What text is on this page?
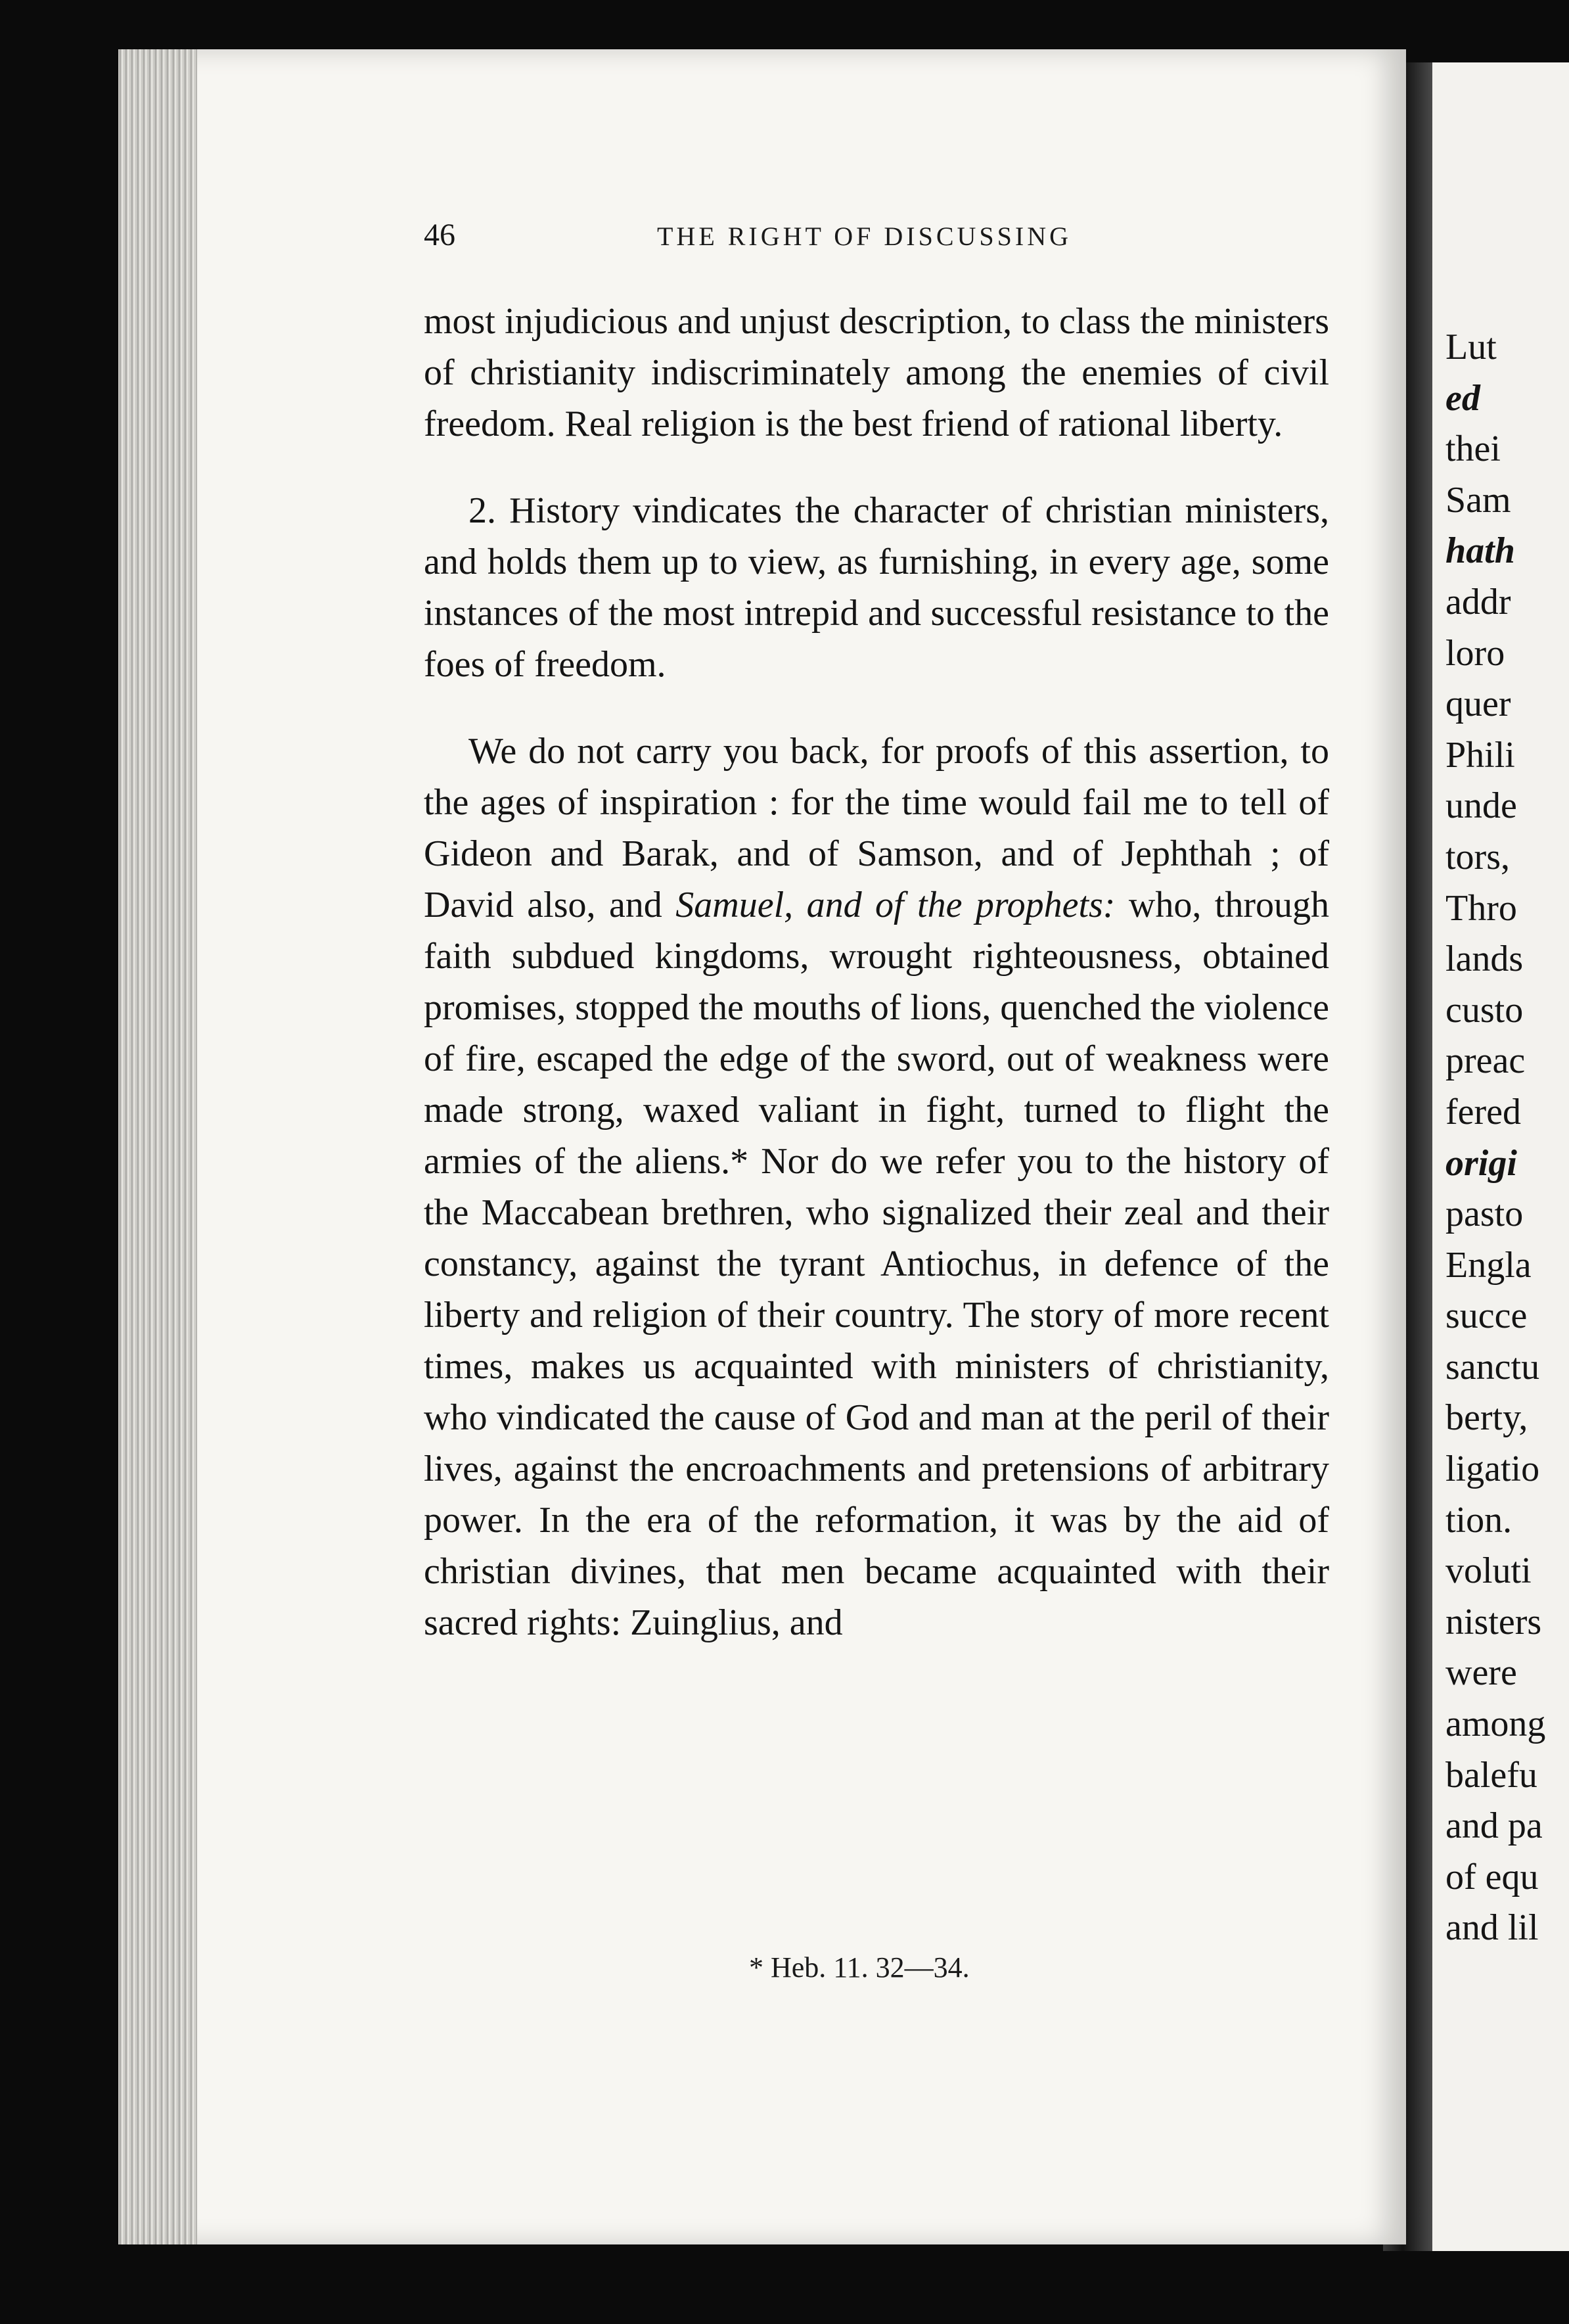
46	THE RIGHT OF DISCUSSING

most injudicious and unjust description, to class the ministers of christianity indiscriminately among the enemies of civil freedom. Real religion is the best friend of rational liberty.

2. History vindicates the character of christian ministers, and holds them up to view, as furnishing, in every age, some instances of the most intrepid and successful resistance to the foes of freedom.

We do not carry you back, for proofs of this assertion, to the ages of inspiration : for the time would fail me to tell of Gideon and Barak, and of Samson, and of Jephthah ; of David also, and Samuel, and of the prophets: who, through faith subdued kingdoms, wrought righteousness, obtained promises, stopped the mouths of lions, quenched the violence of fire, escaped the edge of the sword, out of weakness were made strong, waxed valiant in fight, turned to flight the armies of the aliens.* Nor do we refer you to the history of the Maccabean brethren, who signalized their zeal and their constancy, against the tyrant Antiochus, in defence of the liberty and religion of their country. The story of more recent times, makes us acquainted with ministers of christianity, who vindicated the cause of God and man at the peril of their lives, against the encroachments and pretensions of arbitrary power. In the era of the reformation, it was by the aid of christian divines, that men became acquainted with their sacred rights: Zuinglius, and

* Heb. 11. 32—34.
Lut
ed
thei
Sam
hath
addr
loro
quer
Phili
unde
tors,
Thro
lands
custo
preac
fered
origi
pasto
Engla
succe
sanctu
berty,
ligatio
tion.
voluti
nisters
were
among
balefu
and pa
of equ
and lil
